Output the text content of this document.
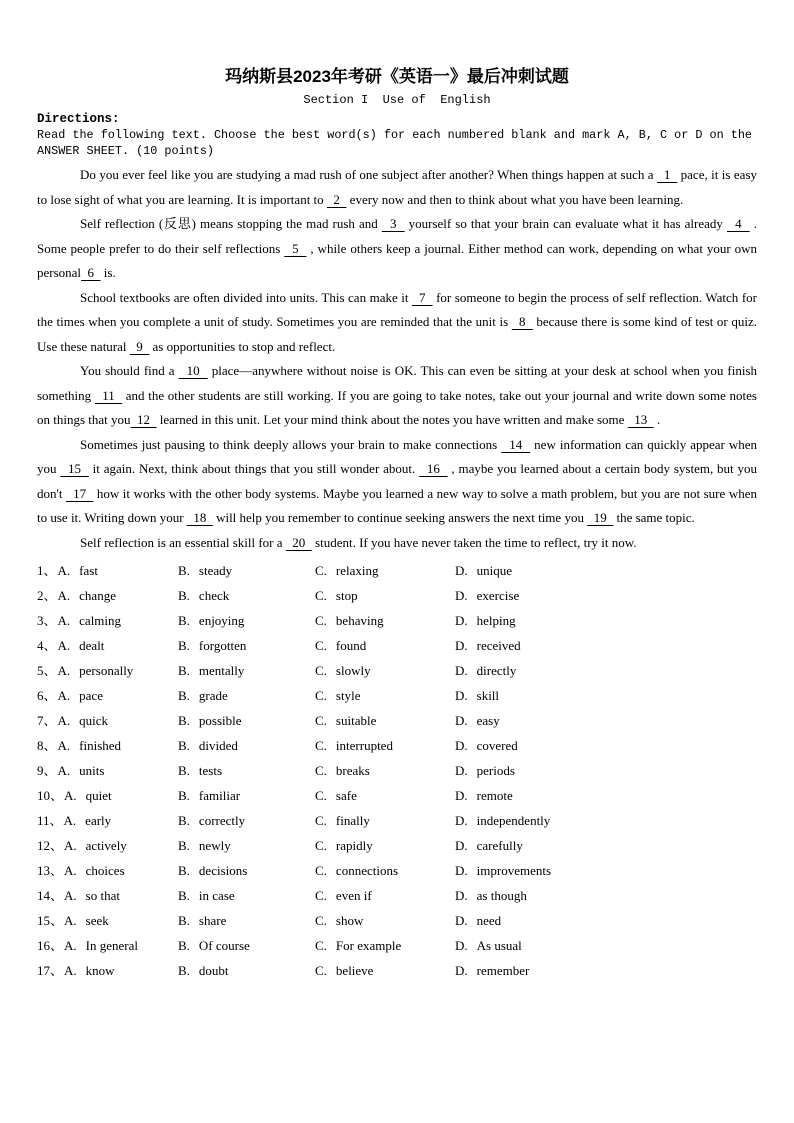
玛纳斯县2023年考研《英语一》最后冲刺试题
Section I  Use of  English
Directions:
Read the following text. Choose the best word(s) for each numbered blank and mark A, B, C or D on the ANSWER SHEET. (10 points)

Do you ever feel like you are studying a mad rush of one subject after another? When things happen at such a   1   pace, it is easy to lose sight of what you are learning. It is important to   2   every now and then to think about what you have been learning.

Self reflection (反思) means stopping the mad rush and   3   yourself so that your brain can evaluate what it has already   4   . Some people prefer to do their self reflections   5   , while others keep a journal. Either method can work, depending on what your own personal  6   is.

School textbooks are often divided into units. This can make it   7   for someone to begin the process of self reflection. Watch for the times when you complete a unit of study. Sometimes you are reminded that the unit is   8   because there is some kind of test or quiz. Use these natural   9   as opportunities to stop and reflect.

You should find a   10   place—anywhere without noise is OK. This can even be sitting at your desk at school when you finish something   11   and the other students are still working. If you are going to take notes, take out your journal and write down some notes on things that you  12   learned in this unit. Let your mind think about the notes you have written and make some   13   .

Sometimes just pausing to think deeply allows your brain to make connections   14   new information can quickly appear when you   15   it again. Next, think about things that you still wonder about.   16   , maybe you learned about a certain body system, but you don't   17   how it works with the other body systems. Maybe you learned a new way to solve a math problem, but you are not sure when to use it. Writing down your   18   will help you remember to continue seeking answers the next time you   19   the same topic.

Self reflection is an essential skill for a   20   student. If you have never taken the time to reflect, try it now.

1、A. fast	B. steady	C. relaxing	D. unique
2、A. change	B. check	C. stop	D. exercise
3、A. calming	B. enjoying	C. behaving	D. helping
4、A. dealt	B. forgotten	C. found	D. received
5、A. personally	B. mentally	C. slowly	D. directly
6、A. pace	B. grade	C. style	D. skill
7、A. quick	B. possible	C. suitable	D. easy
8、A. finished	B. divided	C. interrupted	D. covered
9、A. units	B. tests	C. breaks	D. periods
10、A. quiet	B. familiar	C. safe	D. remote
11、A. early	B. correctly	C. finally	D. independently
12、A. actively	B. newly	C. rapidly	D. carefully
13、A. choices	B. decisions	C. connections	D. improvements
14、A. so that	B. in case	C. even if	D. as though
15、A. seek	B. share	C. show	D. need
16、A. In general	B. Of course	C. For example	D. As usual
17、A. know	B. doubt	C. believe	D. remember
